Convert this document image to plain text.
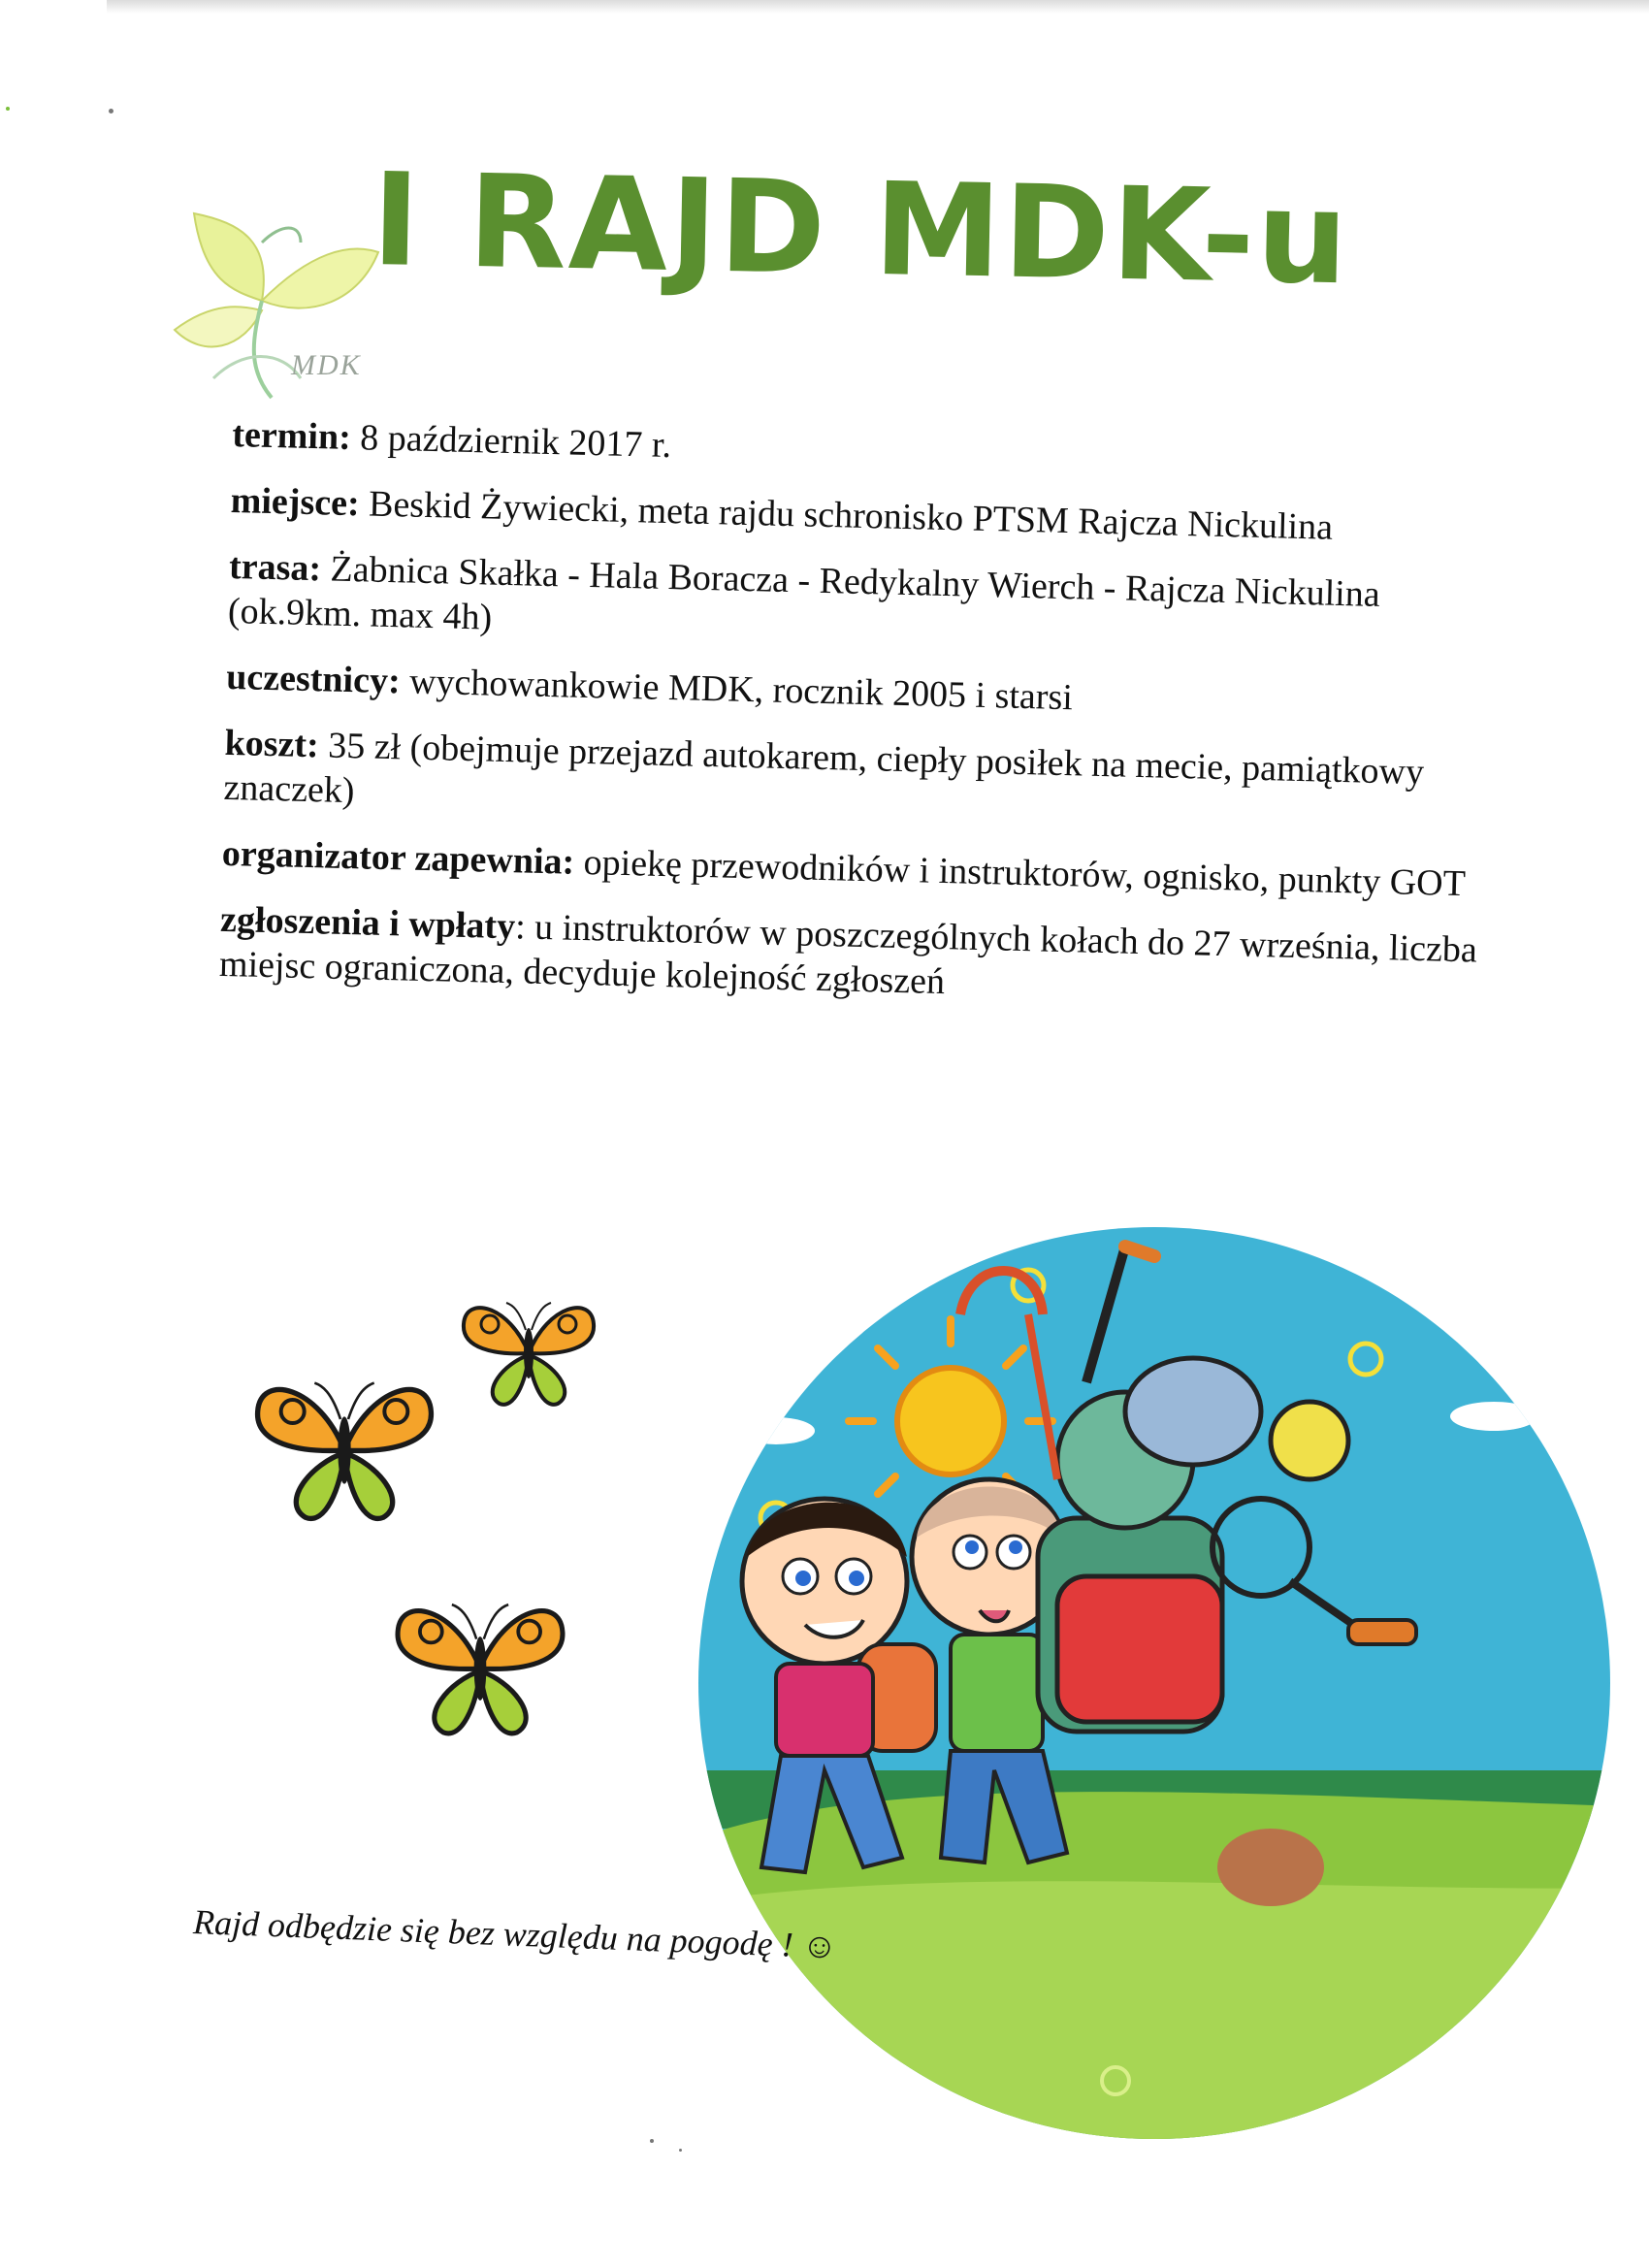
MDK
I RAJD MDK-u

termin: 8 październik 2017 r.

miejsce: Beskid Żywiecki, meta rajdu schronisko PTSM Rajcza Nickulina

trasa: Żabnica Skałka - Hala Boracza - Redykalny Wierch - Rajcza Nickulina (ok.9km. max 4h)

uczestnicy: wychowankowie MDK, rocznik 2005 i starsi

koszt: 35 zł (obejmuje przejazd autokarem, ciepły posiłek na mecie, pamiątkowy znaczek)

organizator zapewnia: opiekę przewodników i instruktorów, ognisko, punkty GOT

zgłoszenia i wpłaty: u instruktorów w poszczególnych kołach do 27 września, liczba miejsc ograniczona, decyduje kolejność zgłoszeń

Rajd odbędzie się bez względu na pogodę ! ☺
